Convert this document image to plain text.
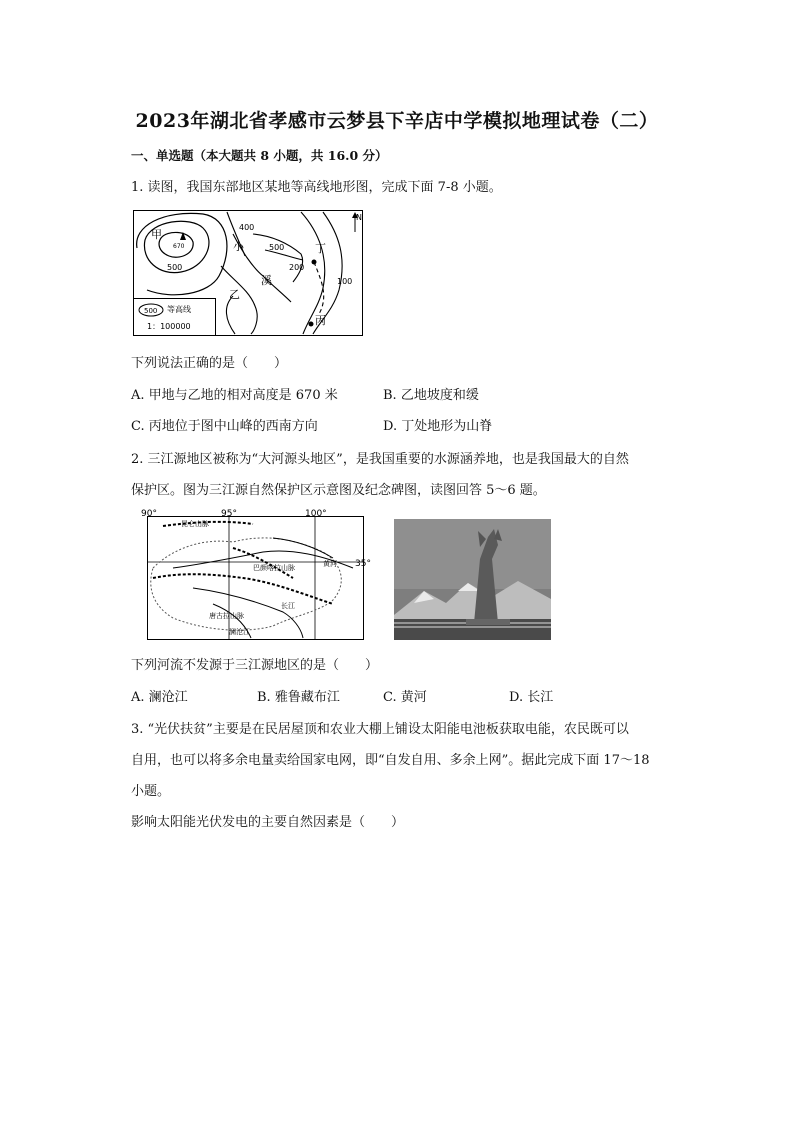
2023年湖北省孝感市云梦县下辛店中学模拟地理试卷（二）
一、单选题（本大题共 8 小题，共 16.0 分）
1. 读图，我国东部地区某地等高线地形图，完成下面 7-8 小题。
N
甲
670
500
400
小	500
200
丁
100
溪
乙
丙
500 等高线
1：100000
下列说法正确的是（　　）
A. 甲地与乙地的相对高度是 670 米	B. 乙地坡度和缓
C. 丙地位于图中山峰的西南方向	D. 丁处地形为山脊
2. 三江源地区被称为“大河源头地区”，是我国重要的水源涵养地，也是我国最大的自然
保护区。图为三江源自然保护区示意图及纪念碑图，读图回答 5～6 题。
90°	95°	100°
35°
昆仑山脉
唐古拉山脉
巴颜喀拉山脉	黄河
长江
澜沧江
下列河流不发源于三江源地区的是（　　）
A. 澜沧江	B. 雅鲁藏布江	C. 黄河	D. 长江
3. “光伏扶贫”主要是在民居屋顶和农业大棚上铺设太阳能电池板获取电能，农民既可以
自用，也可以将多余电量卖给国家电网，即“自发自用、多余上网”。据此完成下面 17～18
小题。
影响太阳能光伏发电的主要自然因素是（　　）
